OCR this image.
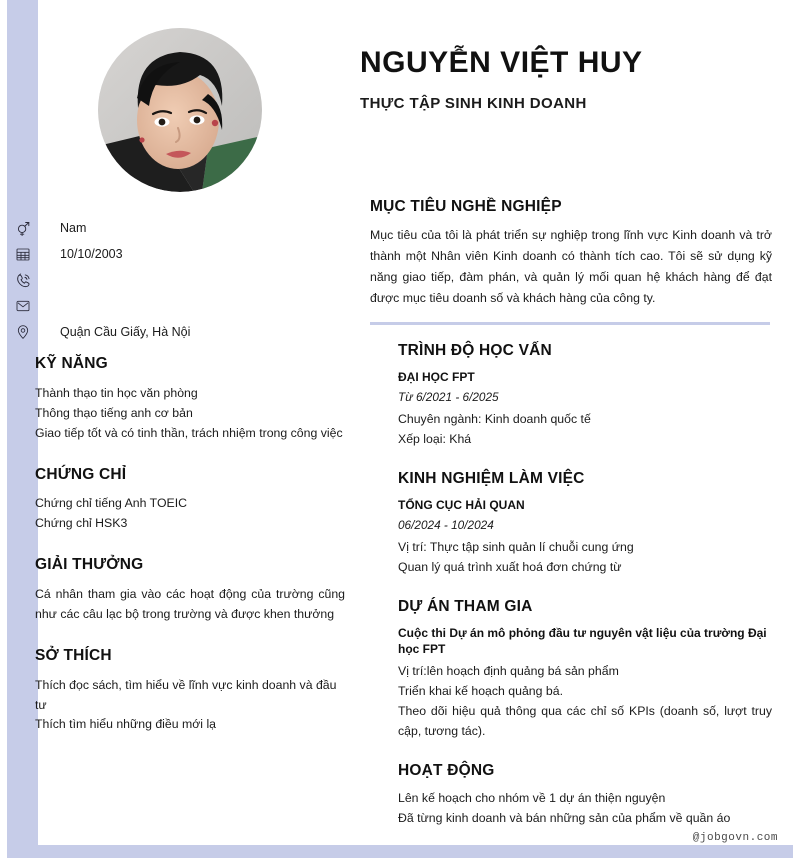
NGUYỄN VIỆT HUY
THỰC TẬP SINH KINH DOANH
Nam
10/10/2003
Quận Cầu Giấy, Hà Nội
KỸ NĂNG

Thành thạo tin học văn phòng

Thông thạo tiếng anh cơ bản

Giao tiếp tốt và có tinh thần, trách nhiệm trong công việc

CHỨNG CHỈ

Chứng chỉ tiếng Anh TOEIC

Chứng chỉ HSK3

GIẢI THƯỞNG

Cá nhân tham gia vào các hoạt động của trường cũng như các câu lạc bộ trong trường và được khen thưởng

SỞ THÍCH

Thích đọc sách, tìm hiểu về lĩnh vực kinh doanh và đầu tư

Thích tìm hiểu những điều mới lạ

MỤC TIÊU NGHỀ NGHIỆP

Mục tiêu của tôi là phát triển sự nghiệp trong lĩnh vực Kinh doanh và trở thành một Nhân viên Kinh doanh có thành tích cao. Tôi sẽ sử dụng kỹ năng giao tiếp, đàm phán, và quản lý mối quan hệ khách hàng để đạt được mục tiêu doanh số và khách hàng của công ty.

TRÌNH ĐỘ HỌC VẤN

ĐẠI HỌC FPT

Từ 6/2021 - 6/2025

Chuyên ngành: Kinh doanh quốc tế

Xếp loại: Khá

KINH NGHIỆM LÀM VIỆC

TỔNG CỤC HẢI QUAN

06/2024 - 10/2024

Vị trí: Thực tập sinh quản lí chuỗi cung ứng

Quan lý quá trình xuất hoá đơn chứng từ

DỰ ÁN THAM GIA

Cuộc thi Dự án mô phỏng đầu tư nguyên vật liệu của trường Đại học FPT

Vị trí:lên hoạch định quảng bá sản phẩm

Triển khai kế hoạch quảng bá.

Theo dõi hiệu quả thông qua các chỉ số KPIs (doanh số, lượt truy cập, tương tác).

HOẠT ĐỘNG

Lên kế hoạch cho nhóm về 1 dự án thiện nguyện

Đã từng kinh doanh và bán những sản của phẩm về quần áo

@jobgovn.com
